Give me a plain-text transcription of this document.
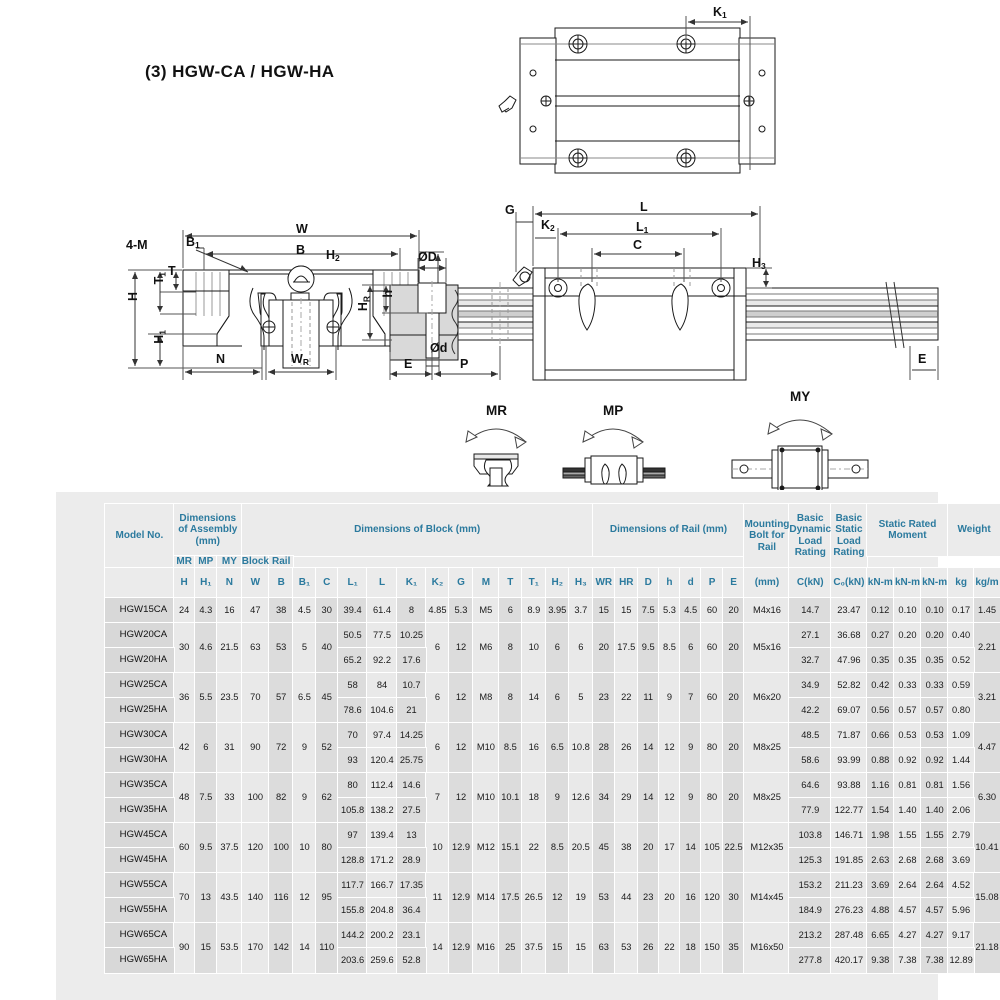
(3) HGW-CA / HGW-HA
$K_1$
4-M	$B_1$	B
W
$H_2$
T
$T_1$
H
$H_1$
N	$W_R$
G
$K_2$
L
$L_1$
C
$H_3$
ØD
Ød
h
$H_R$
E	P	E
MR	MP
MY
Model No.	Dimensions of Assembly (mm)			Dimensions of Block (mm)														Dimensions of Rail (mm)							Mounting Bolt for Rail	Basic Dynamic Load Rating	Basic Static Load Rating	Static Rated Moment			Weight	
	MR	MP	MY	Block	Rail																											
	H	H₁	N	W	B	B₁	C	L₁	L	K₁	K₂	G	M	T	T₁	H₂	H₃	WR	HR	D	h	d	P	E	(mm)	C(kN)	C₀(kN)	kN-m	kN-m	kN-m	kg	kg/m
HGW15CA	24	4.3	16	47	38	4.5	30	39.4	61.4	8	4.85	5.3	M5	6	8.9	3.95	3.7	15	15	7.5	5.3	4.5	60	20	M4x16	14.7	23.47	0.12	0.10	0.10	0.17	1.45
HGW20CA	30	4.6	21.5	63	53	5	40	50.5	77.5	10.25	6	12	M6	8	10	6	6	20	17.5	9.5	8.5	6	60	20	M5x16	27.1	36.68	0.27	0.20	0.20	0.40	2.21
HGW20HA								65.2	92.2	17.6																32.7	47.96	0.35	0.35	0.35	0.52	
HGW25CA	36	5.5	23.5	70	57	6.5	45	58	84	10.7	6	12	M8	8	14	6	5	23	22	11	9	7	60	20	M6x20	34.9	52.82	0.42	0.33	0.33	0.59	3.21
HGW25HA								78.6	104.6	21																42.2	69.07	0.56	0.57	0.57	0.80	
HGW30CA	42	6	31	90	72	9	52	70	97.4	14.25	6	12	M10	8.5	16	6.5	10.8	28	26	14	12	9	80	20	M8x25	48.5	71.87	0.66	0.53	0.53	1.09	4.47
HGW30HA								93	120.4	25.75																58.6	93.99	0.88	0.92	0.92	1.44	
HGW35CA	48	7.5	33	100	82	9	62	80	112.4	14.6	7	12	M10	10.1	18	9	12.6	34	29	14	12	9	80	20	M8x25	64.6	93.88	1.16	0.81	0.81	1.56	6.30
HGW35HA								105.8	138.2	27.5																77.9	122.77	1.54	1.40	1.40	2.06	
HGW45CA	60	9.5	37.5	120	100	10	80	97	139.4	13	10	12.9	M12	15.1	22	8.5	20.5	45	38	20	17	14	105	22.5	M12x35	103.8	146.71	1.98	1.55	1.55	2.79	10.41
HGW45HA								128.8	171.2	28.9																125.3	191.85	2.63	2.68	2.68	3.69	
HGW55CA	70	13	43.5	140	116	12	95	117.7	166.7	17.35	11	12.9	M14	17.5	26.5	12	19	53	44	23	20	16	120	30	M14x45	153.2	211.23	3.69	2.64	2.64	4.52	15.08
HGW55HA								155.8	204.8	36.4																184.9	276.23	4.88	4.57	4.57	5.96	
HGW65CA	90	15	53.5	170	142	14	110	144.2	200.2	23.1	14	12.9	M16	25	37.5	15	15	63	53	26	22	18	150	35	M16x50	213.2	287.48	6.65	4.27	4.27	9.17	21.18
HGW65HA								203.6	259.6	52.8																277.8	420.17	9.38	7.38	7.38	12.89	
